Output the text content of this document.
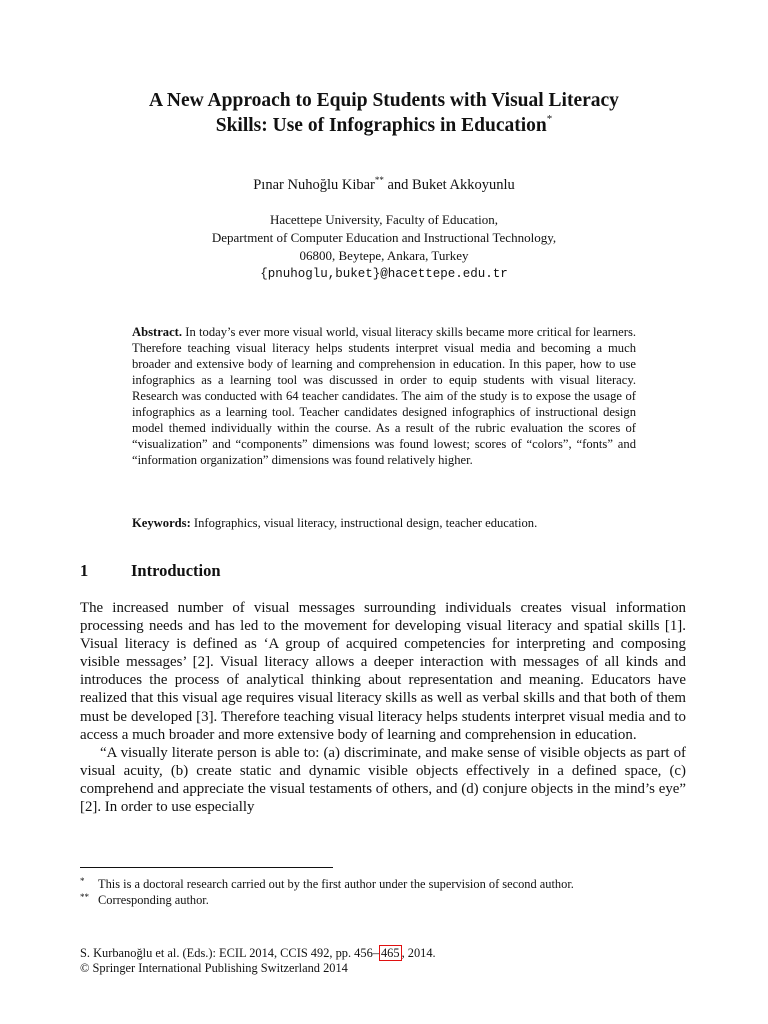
A New Approach to Equip Students with Visual Literacy
Skills: Use of Infographics in Education*
Pınar Nuhoğlu Kibar** and Buket Akkoyunlu
Hacettepe University, Faculty of Education,
Department of Computer Education and Instructional Technology,
06800, Beytepe, Ankara, Turkey
{pnuhoglu,buket}@hacettepe.edu.tr
Abstract. In today’s ever more visual world, visual literacy skills became more critical for learners. Therefore teaching visual literacy helps students interpret visual media and becoming a much broader and extensive body of learning and comprehension in education. In this paper, how to use infographics as a learning tool was discussed in order to equip students with visual literacy. Research was conducted with 64 teacher candidates. The aim of the study is to expose the usage of infographics as a learning tool. Teacher candidates designed infographics of instructional design model themed individually within the course. As a result of the rubric evaluation the scores of “visualization” and “components” dimensions was found lowest; scores of “colors”, “fonts” and “information organization” dimensions was found relatively higher.
Keywords: Infographics, visual literacy, instructional design, teacher education.
1	Introduction

The increased number of visual messages surrounding individuals creates visual information processing needs and has led to the movement for developing visual literacy and spatial skills [1]. Visual literacy is defined as ‘A group of acquired competencies for interpreting and composing visible messages’ [2]. Visual literacy allows a deeper interaction with messages of all kinds and introduces the process of analytical thinking about representation and meaning. Educators have realized that this visual age requires visual literacy skills as well as verbal skills and that both of them must be developed [3]. Therefore teaching visual literacy helps students interpret visual media and to access a much broader and more extensive body of learning and comprehension in education.

“A visually literate person is able to: (a) discriminate, and make sense of visible objects as part of visual acuity, (b) create static and dynamic visible objects effectively in a defined space, (c) comprehend and appreciate the visual testaments of others, and (d) conjure objects in the mind’s eye” [2]. In order to use especially

* This is a doctoral research carried out by the first author under the supervision of second author.
** Corresponding author.
S. Kurbanoğlu et al. (Eds.): ECIL 2014, CCIS 492, pp. 456– 465 , 2014.
© Springer International Publishing Switzerland 2014
